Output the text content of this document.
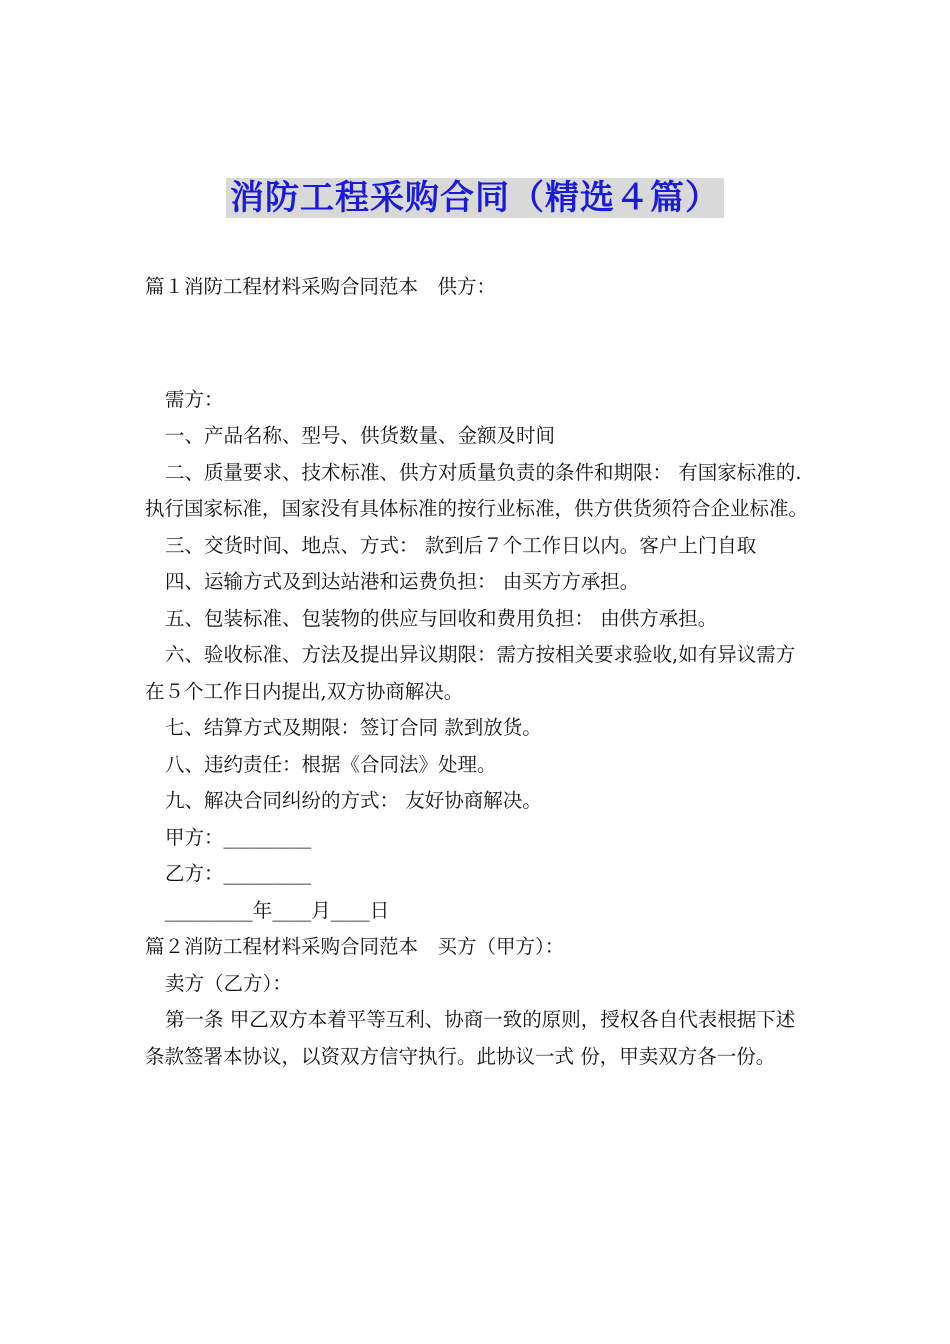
消防工程采购合同（精选４篇）

篇１消防工程材料采购合同范本　供方：

需方：

一、产品名称、型号、供货数量、金额及时间

二、质量要求、技术标准、供方对质量负责的条件和期限： 有国家标准的.执行国家标准，国家没有具体标准的按行业标准，供方供货须符合企业标准。

三、交货时间、地点、方式： 款到后７个工作日以内。客户上门自取

四、运输方式及到达站港和运费负担： 由买方方承担。

五、包装标准、包装物的供应与回收和费用负担： 由供方承担。

六、验收标准、方法及提出异议期限：需方按相关要求验收,如有异议需方在５个工作日内提出,双方协商解决。

七、结算方式及期限：签订合同 款到放货。

八、违约责任：根据《合同法》处理。

九、解决合同纠纷的方式： 友好协商解决。

甲方：_________

乙方：_________

_________年____月____日

篇２消防工程材料采购合同范本　买方（甲方）：

卖方（乙方）：

第一条 甲乙双方本着平等互利、协商一致的原则，授权各自代表根据下述条款签署本协议，以资双方信守执行。此协议一式 份，甲卖双方各一份。
